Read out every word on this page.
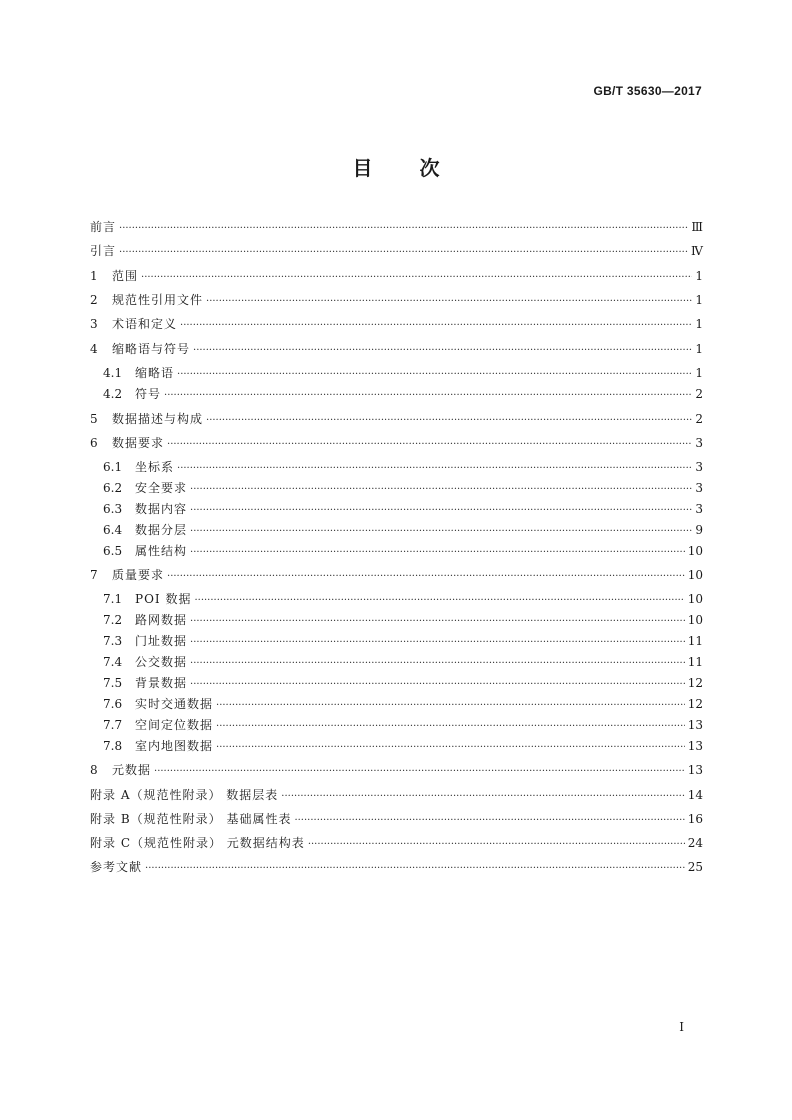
GB/T 35630—2017
目 次
前言 ·····	Ⅲ
引言 ·····	Ⅳ
1	范围 ·····	1
2	规范性引用文件 ·····	1
3	术语和定义 ·····	1
4	缩略语与符号 ·····	1
4.1	缩略语 ·····	1
4.2	符号 ·····	2
5	数据描述与构成 ·····	2
6	数据要求 ·····	3
6.1	坐标系 ·····	3
6.2	安全要求 ·····	3
6.3	数据内容 ·····	3
6.4	数据分层 ·····	9
6.5	属性结构 ·····	10
7	质量要求 ·····	10
7.1	POI 数据 ·····	10
7.2	路网数据 ·····	10
7.3	门址数据 ·····	11
7.4	公交数据 ·····	11
7.5	背景数据 ·····	12
7.6	实时交通数据 ·····	12
7.7	空间定位数据 ·····	13
7.8	室内地图数据 ·····	13
8	元数据 ·····	13
附录 A（规范性附录） 数据层表 ·····	14
附录 B（规范性附录） 基础属性表 ·····	16
附录 C（规范性附录） 元数据结构表 ·····	24
参考文献 ·····	25
I
